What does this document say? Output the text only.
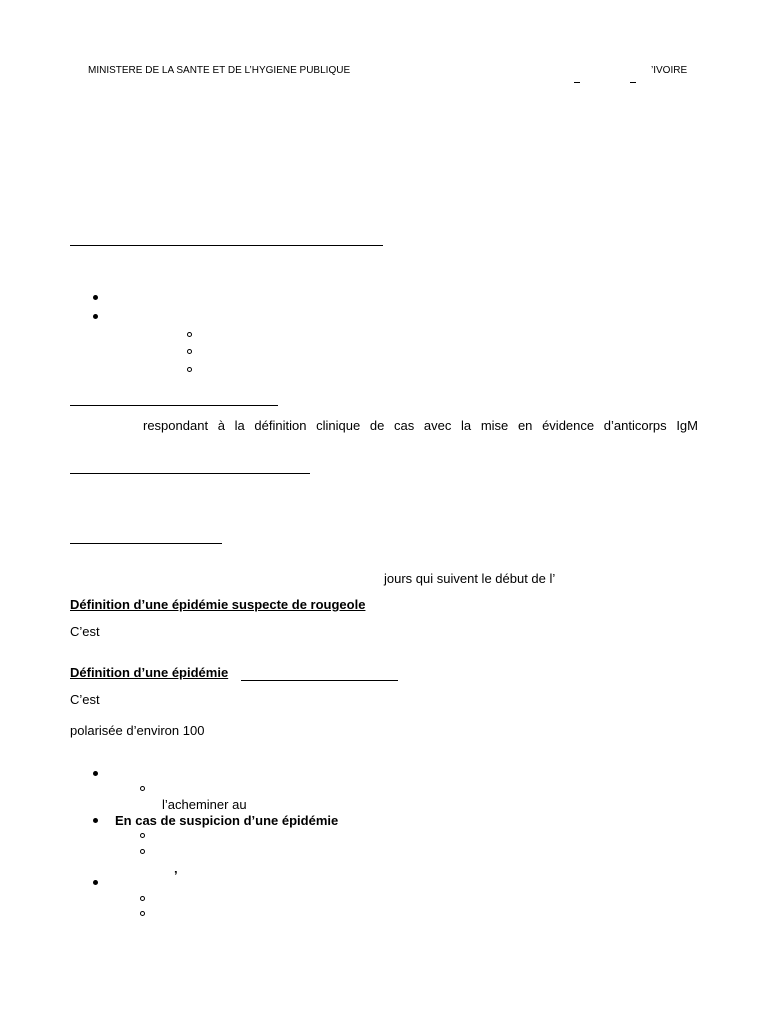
MINISTERE DE LA SANTE ET DE L’HYGIENE PUBLIQUE	’IVOIRE
respondant à la définition clinique de cas avec la mise en évidence d’anticorps IgM
jours qui suivent le début de l’
Définition d’une épidémie suspecte de rougeole
C’est
Définition d’une épidémie
C’est
polarisée d’environ 100
l’acheminer au
En cas de suspicion d’une épidémie
’
